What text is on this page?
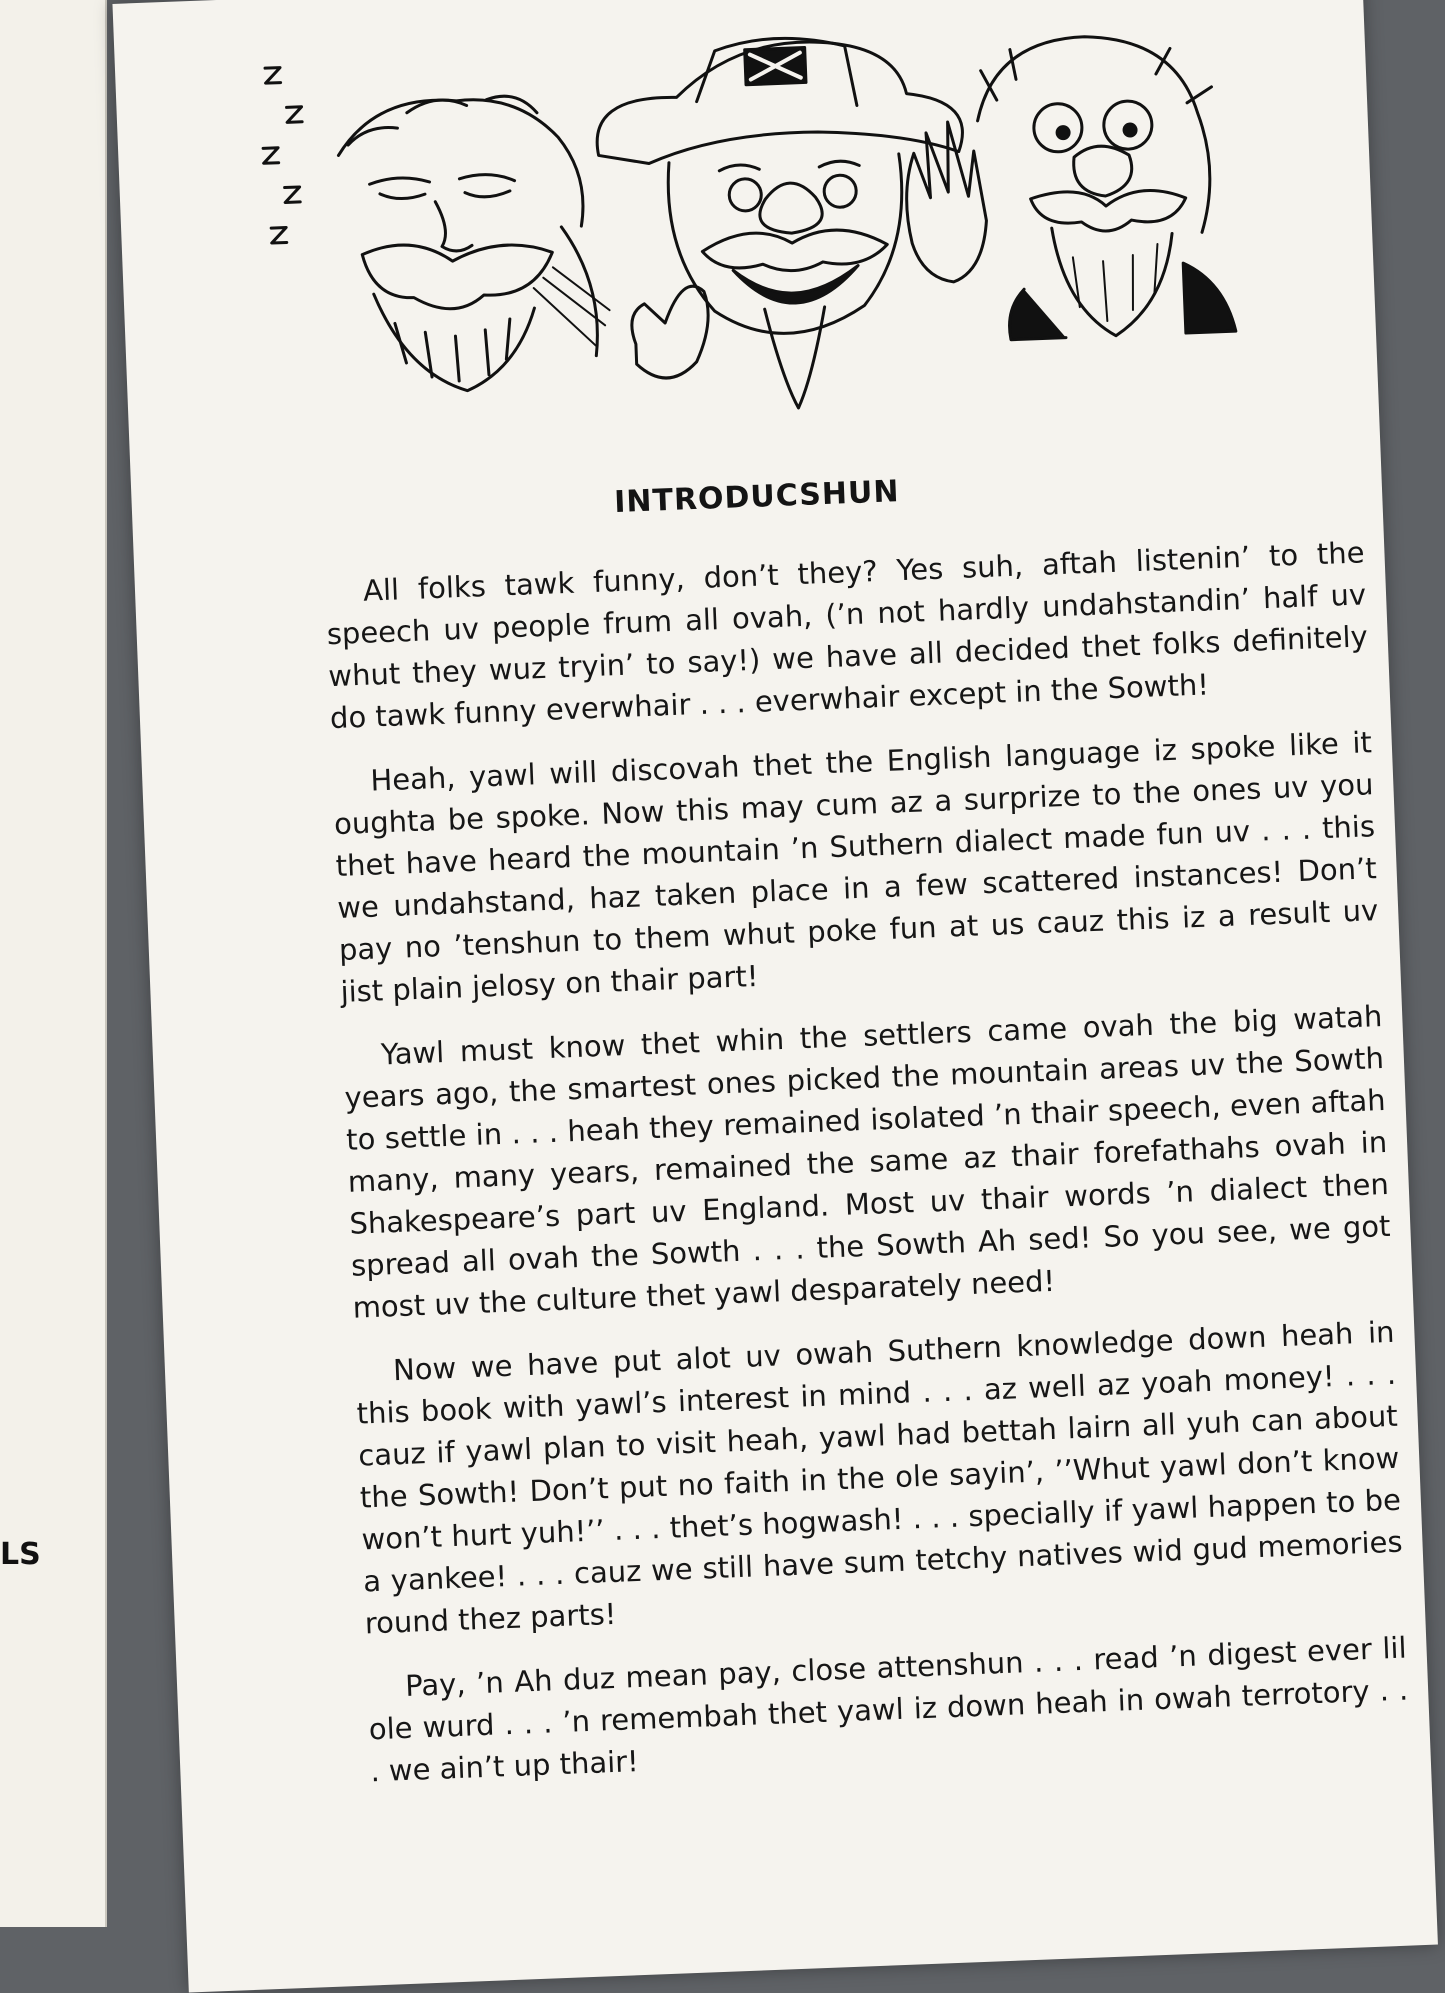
LS
INTRODUCSHUN

All folks tawk funny, don’t they? Yes suh, aftah listenin’ to the speech uv people frum all ovah, (’n not hardly undahstandin’ half uv whut they wuz tryin’ to say!) we have all decided thet folks definitely do tawk funny everwhair . . . everwhair except in the Sowth!

Heah, yawl will discovah thet the English language iz spoke like it oughta be spoke. Now this may cum az a surprize to the ones uv you thet have heard the mountain ’n Suthern dialect made fun uv . . . this we undahstand, haz taken place in a few scattered instances! Don’t pay no ’tenshun to them whut poke fun at us cauz this iz a result uv jist plain jelosy on thair part!

Yawl must know thet whin the settlers came ovah the big watah years ago, the smartest ones picked the mountain areas uv the Sowth to settle in . . . heah they remained isolated ’n thair speech, even aftah many, many years, remained the same az thair forefathahs ovah in Shakespeare’s part uv England. Most uv thair words ’n dialect then spread all ovah the Sowth . . . the Sowth Ah sed! So you see, we got most uv the culture thet yawl desparately need!

Now we have put alot uv owah Suthern knowledge down heah in this book with yawl’s interest in mind . . . az well az yoah money! . . . cauz if yawl plan to visit heah, yawl had bettah lairn all yuh can about the Sowth! Don’t put no faith in the ole sayin’, ’’Whut yawl don’t know won’t hurt yuh!’’ . . . thet’s hogwash! . . . specially if yawl happen to be a yankee! . . . cauz we still have sum tetchy natives wid gud memories round thez parts!

Pay, ’n Ah duz mean pay, close attenshun . . . read ’n digest ever lil ole wurd . . . ’n remembah thet yawl iz down heah in owah terrotory . . . we ain’t up thair!
